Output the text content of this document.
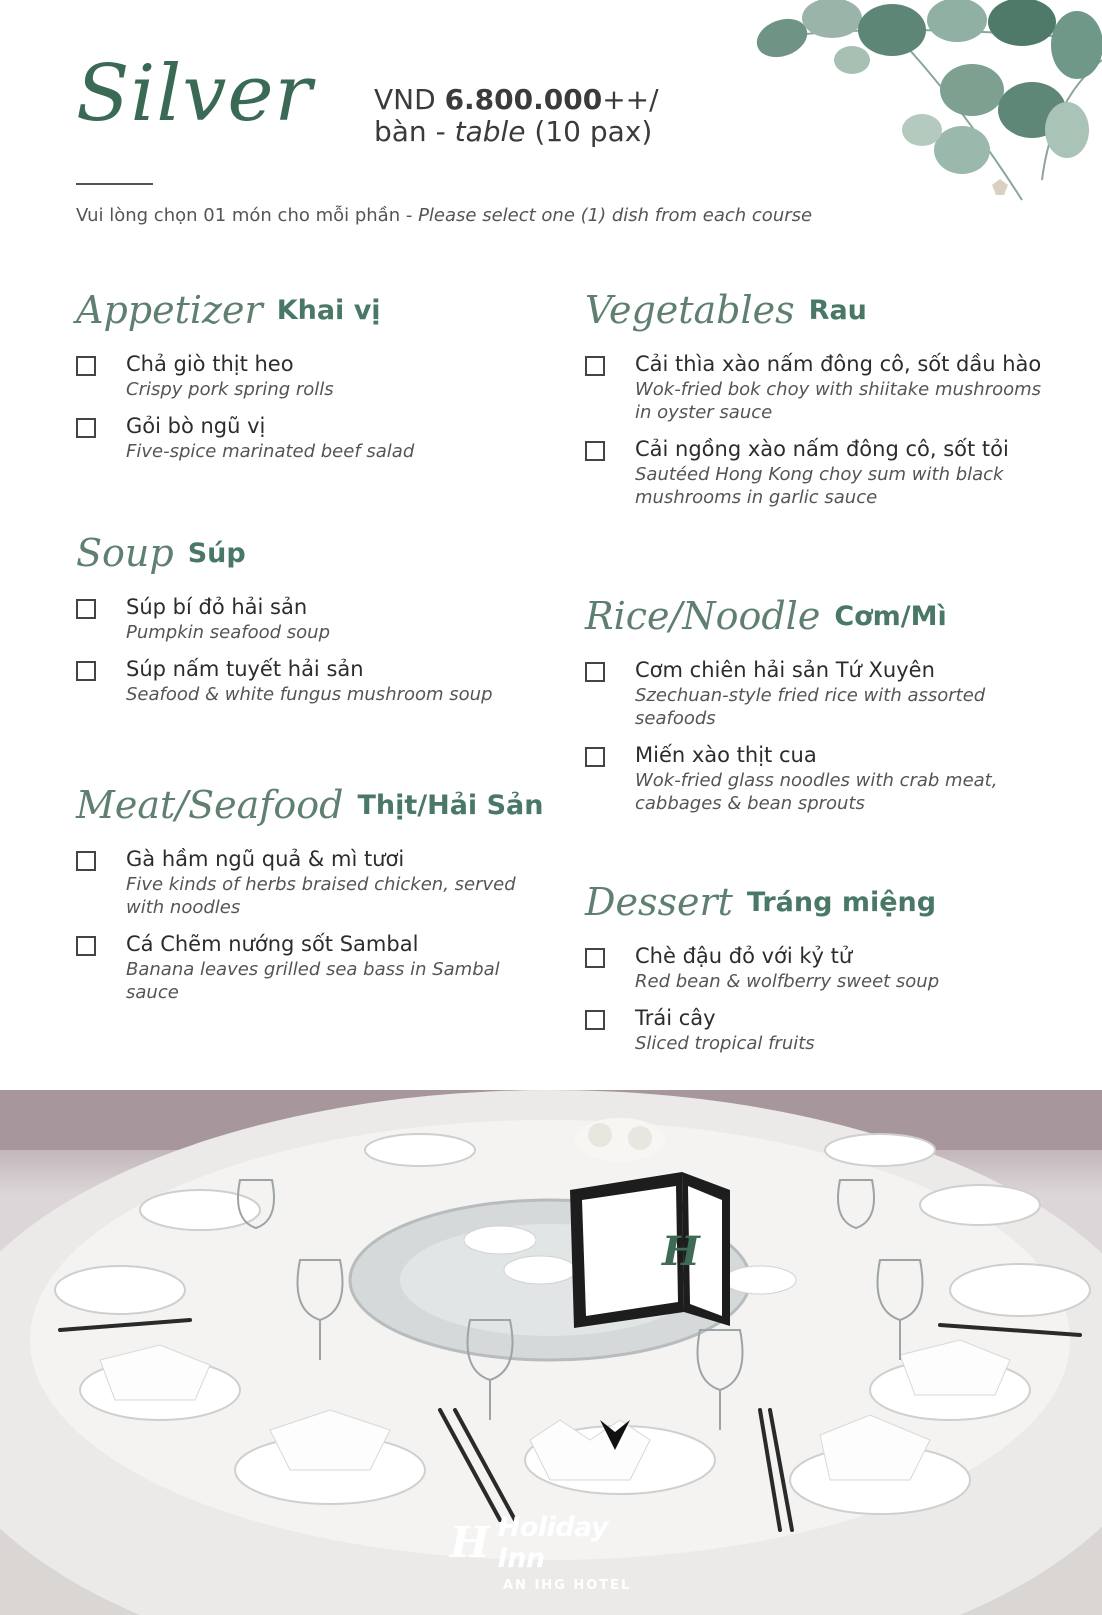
Silver VND 6.800.000++/
bàn - table (10 pax)
Vui lòng chọn 01 món cho mỗi phần - Please select one (1) dish from each course
Appetizer Khai vị
Chả giò thịt heo
Crispy pork spring rolls
Gỏi bò ngũ vị
Five-spice marinated beef salad
Soup Súp
Súp bí đỏ hải sản
Pumpkin seafood soup
Súp nấm tuyết hải sản
Seafood & white fungus mushroom soup
Meat/Seafood Thịt/Hải Sản
Gà hầm ngũ quả & mì tươi
Five kinds of herbs braised chicken, served with noodles
Cá Chẽm nướng sốt Sambal
Banana leaves grilled sea bass in Sambal sauce
Vegetables Rau
Cải thìa xào nấm đông cô, sốt dầu hào
Wok-fried bok choy with shiitake mushrooms in oyster sauce
Cải ngồng xào nấm đông cô, sốt tỏi
Sautéed Hong Kong choy sum with black mushrooms in garlic sauce
Rice/Noodle Cơm/Mì
Cơm chiên hải sản Tứ Xuyên
Szechuan-style fried rice with assorted seafoods
Miến xào thịt cua
Wok-fried glass noodles with crab meat, cabbages & bean sprouts
Dessert Tráng miệng
Chè đậu đỏ với kỷ tử
Red bean & wolfberry sweet soup
Trái cây
Sliced tropical fruits
H
H Holiday Inn
AN IHG HOTEL
